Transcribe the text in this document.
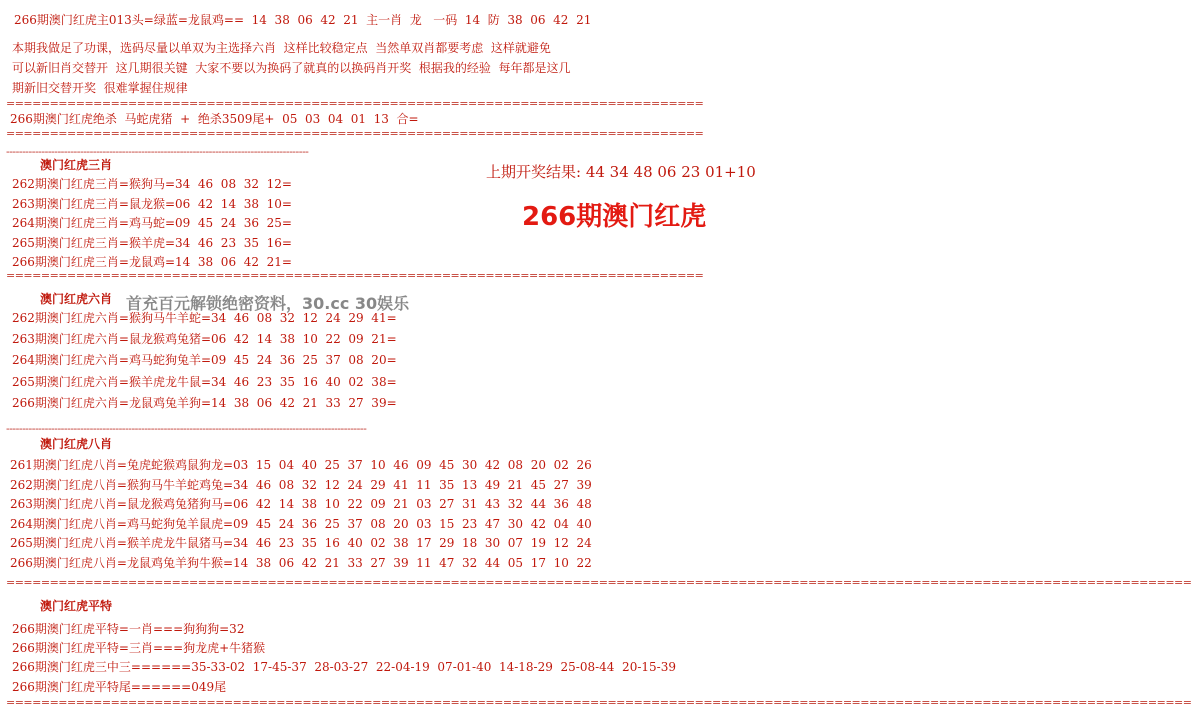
266期澳门红虎主013头=绿蓝=龙鼠鸡==  14  38  06  42  21  主一肖  龙   一码  14  防  38  06  42  21
本期我做足了功课，选码尽量以单双为主选择六肖  这样比较稳定点  当然单双肖都要考虑  这样就避免
可以新旧肖交替开  这几期很关键  大家不要以为换码了就真的以换码肖开奖  根据我的经验  每年都是这几
期新旧交替开奖  很难掌握住规律
================================================================================
266期澳门红虎绝杀  马蛇虎猪  +  绝杀3509尾+  05  03  04  01  13  合=
================================================================================
----------------------------------------------------------------------------------------------
澳门红虎三肖
262期澳门红虎三肖=猴狗马=34  46  08  32  12=
263期澳门红虎三肖=鼠龙猴=06  42  14  38  10=
264期澳门红虎三肖=鸡马蛇=09  45  24  36  25=
265期澳门红虎三肖=猴羊虎=34  46  23  35  16=
266期澳门红虎三肖=龙鼠鸡=14  38  06  42  21=
上期开奖结果: 44 34 48 06 23 01+10
266期澳门红虎
================================================================================
澳门红虎六肖 首充百元解锁绝密资料，30.cc 30娱乐
262期澳门红虎六肖=猴狗马牛羊蛇=34  46  08  32  12  24  29  41=
263期澳门红虎六肖=鼠龙猴鸡兔猪=06  42  14  38  10  22  09  21=
264期澳门红虎六肖=鸡马蛇狗兔羊=09  45  24  36  25  37  08  20=
265期澳门红虎六肖=猴羊虎龙牛鼠=34  46  23  35  16  40  02  38=
266期澳门红虎六肖=龙鼠鸡兔羊狗=14  38  06  42  21  33  27  39=
----------------------------------------------------------------------------------------------------------------
澳门红虎八肖
261期澳门红虎八肖=兔虎蛇猴鸡鼠狗龙=03  15  04  40  25  37  10  46  09  45  30  42  08  20  02  26
262期澳门红虎八肖=猴狗马牛羊蛇鸡兔=34  46  08  32  12  24  29  41  11  35  13  49  21  45  27  39
263期澳门红虎八肖=鼠龙猴鸡兔猪狗马=06  42  14  38  10  22  09  21  03  27  31  43  32  44  36  48
264期澳门红虎八肖=鸡马蛇狗兔羊鼠虎=09  45  24  36  25  37  08  20  03  15  23  47  30  42  04  40
265期澳门红虎八肖=猴羊虎龙牛鼠猪马=34  46  23  35  16  40  02  38  17  29  18  30  07  19  12  24
266期澳门红虎八肖=龙鼠鸡兔羊狗牛猴=14  38  06  42  21  33  27  39  11  47  32  44  05  17  10  22
========================================================================================================================================
澳门红虎平特
266期澳门红虎平特=一肖===狗狗狗=32
266期澳门红虎平特=三肖===狗龙虎+牛猪猴
266期澳门红虎三中三======35-33-02  17-45-37  28-03-27  22-04-19  07-01-40  14-18-29  25-08-44  20-15-39
266期澳门红虎平特尾======049尾
========================================================================================================================================
